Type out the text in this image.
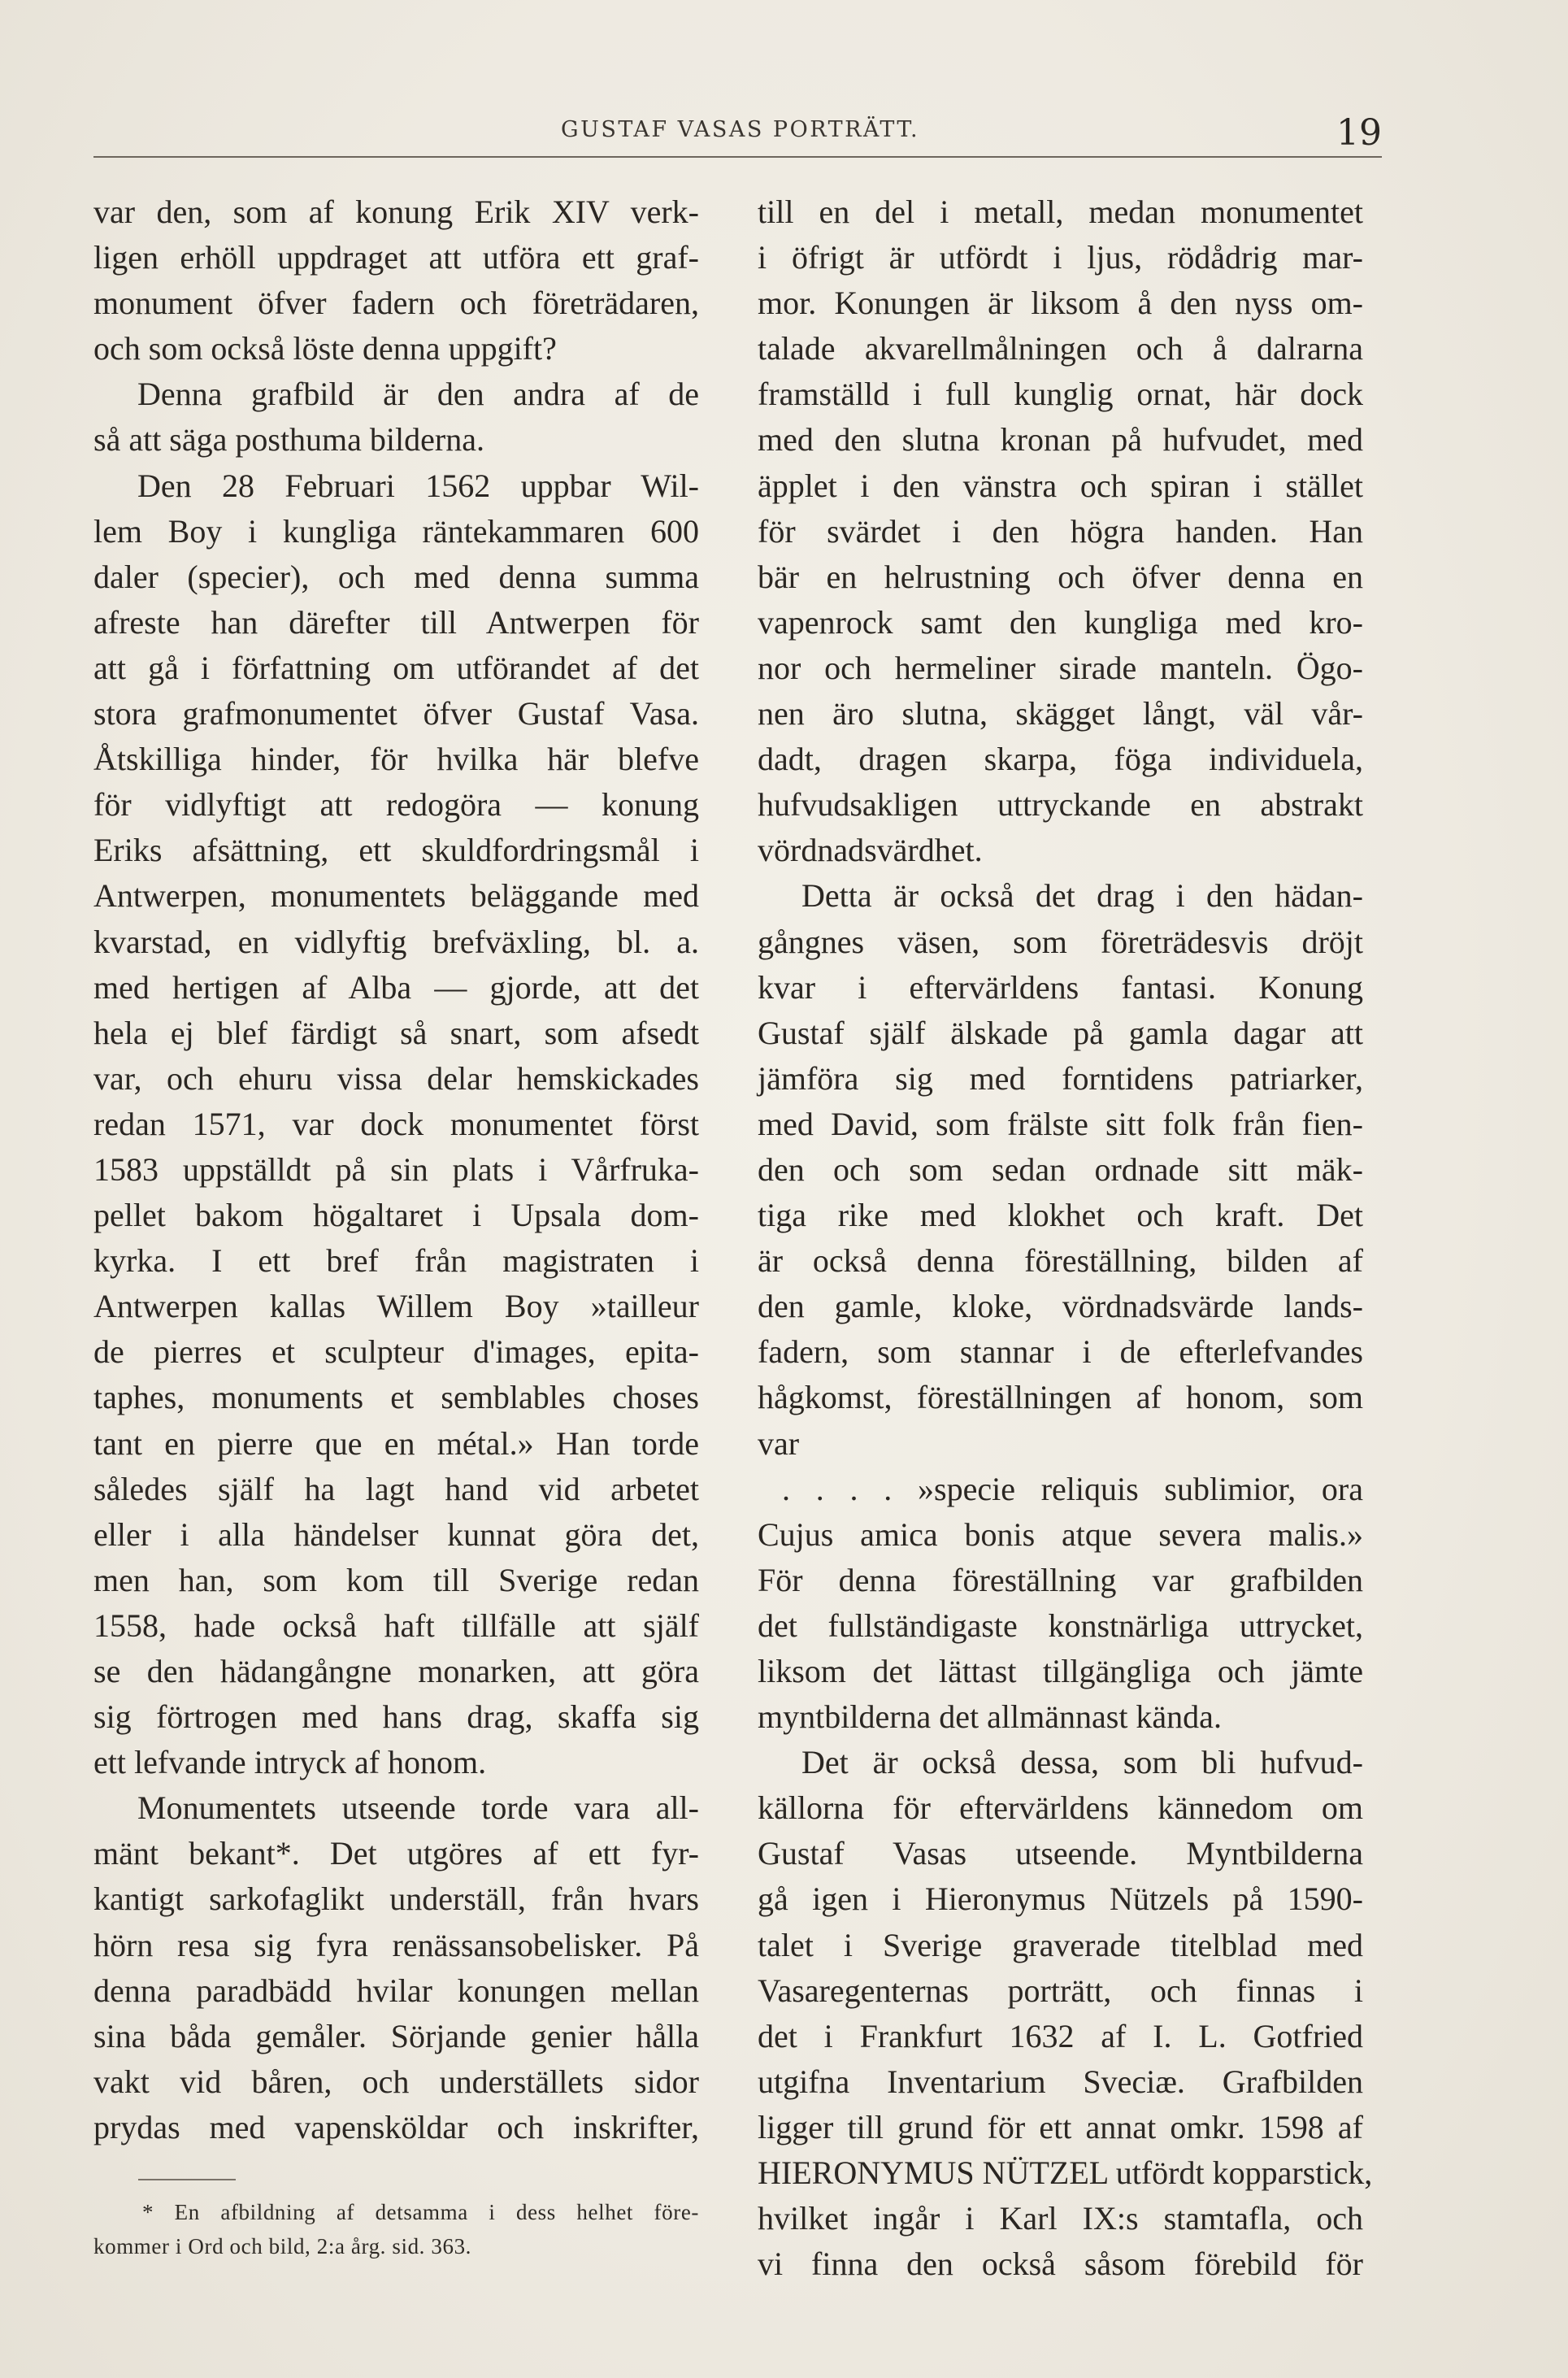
GUSTAF VASAS PORTRÄTT.	19
var den, som af konung Erik XIV verk-
ligen erhöll uppdraget att utföra ett graf-
monument öfver fadern och företrädaren,
och som också löste denna uppgift?
Denna grafbild är den andra af de
så att säga posthuma bilderna.
Den 28 Februari 1562 uppbar Wil-
lem Boy i kungliga räntekammaren 600
daler (specier), och med denna summa
afreste han därefter till Antwerpen för
att gå i författning om utförandet af det
stora grafmonumentet öfver Gustaf Vasa.
Åtskilliga hinder, för hvilka här blefve
för vidlyftigt att redogöra — konung
Eriks afsättning, ett skuldfordringsmål i
Antwerpen, monumentets beläggande med
kvarstad, en vidlyftig brefväxling, bl. a.
med hertigen af Alba — gjorde, att det
hela ej blef färdigt så snart, som afsedt
var, och ehuru vissa delar hemskickades
redan 1571, var dock monumentet först
1583 uppställdt på sin plats i Vårfruka-
pellet bakom högaltaret i Upsala dom-
kyrka. I ett bref från magistraten i
Antwerpen kallas Willem Boy »tailleur
de pierres et sculpteur d'images, epita-
taphes, monuments et semblables choses
tant en pierre que en métal.» Han torde
således själf ha lagt hand vid arbetet
eller i alla händelser kunnat göra det,
men han, som kom till Sverige redan
1558, hade också haft tillfälle att själf
se den hädangångne monarken, att göra
sig förtrogen med hans drag, skaffa sig
ett lefvande intryck af honom.
Monumentets utseende torde vara all-
mänt bekant*. Det utgöres af ett fyr-
kantigt sarkofaglikt underställ, från hvars
hörn resa sig fyra renässansobelisker. På
denna paradbädd hvilar konungen mellan
sina båda gemåler. Sörjande genier hålla
vakt vid båren, och underställets sidor
prydas med vapensköldar och inskrifter,
till en del i metall, medan monumentet
i öfrigt är utfördt i ljus, rödådrig mar-
mor. Konungen är liksom å den nyss om-
talade akvarellmålningen och å dalrarna
framställd i full kunglig ornat, här dock
med den slutna kronan på hufvudet, med
äpplet i den vänstra och spiran i stället
för svärdet i den högra handen. Han
bär en helrustning och öfver denna en
vapenrock samt den kungliga med kro-
nor och hermeliner sirade manteln. Ögo-
nen äro slutna, skägget långt, väl vår-
dadt, dragen skarpa, föga individuela,
hufvudsakligen uttryckande en abstrakt
vördnadsvärdhet.
Detta är också det drag i den hädan-
gångnes väsen, som företrädesvis dröjt
kvar i eftervärldens fantasi. Konung
Gustaf själf älskade på gamla dagar att
jämföra sig med forntidens patriarker,
med David, som frälste sitt folk från fien-
den och som sedan ordnade sitt mäk-
tiga rike med klokhet och kraft. Det
är också denna föreställning, bilden af
den gamle, kloke, vördnadsvärde lands-
fadern, som stannar i de efterlefvandes
hågkomst, föreställningen af honom, som
var
. . . . »specie reliquis sublimior, ora
Cujus amica bonis atque severa malis.»
För denna föreställning var grafbilden
det fullständigaste konstnärliga uttrycket,
liksom det lättast tillgängliga och jämte
myntbilderna det allmännast kända.
Det är också dessa, som bli hufvud-
källorna för eftervärldens kännedom om
Gustaf Vasas utseende. Myntbilderna
gå igen i Hieronymus Nützels på 1590-
talet i Sverige graverade titelblad med
Vasaregenternas porträtt, och finnas i
det i Frankfurt 1632 af I. L. Gotfried
utgifna Inventarium Sveciæ. Grafbilden
ligger till grund för ett annat omkr. 1598 af
HIERONYMUS NÜTZEL utfördt kopparstick,
hvilket ingår i Karl IX:s stamtafla, och
vi finna den också såsom förebild för
* En afbildning af detsamma i dess helhet före-
kommer i Ord och bild, 2:a årg. sid. 363.
